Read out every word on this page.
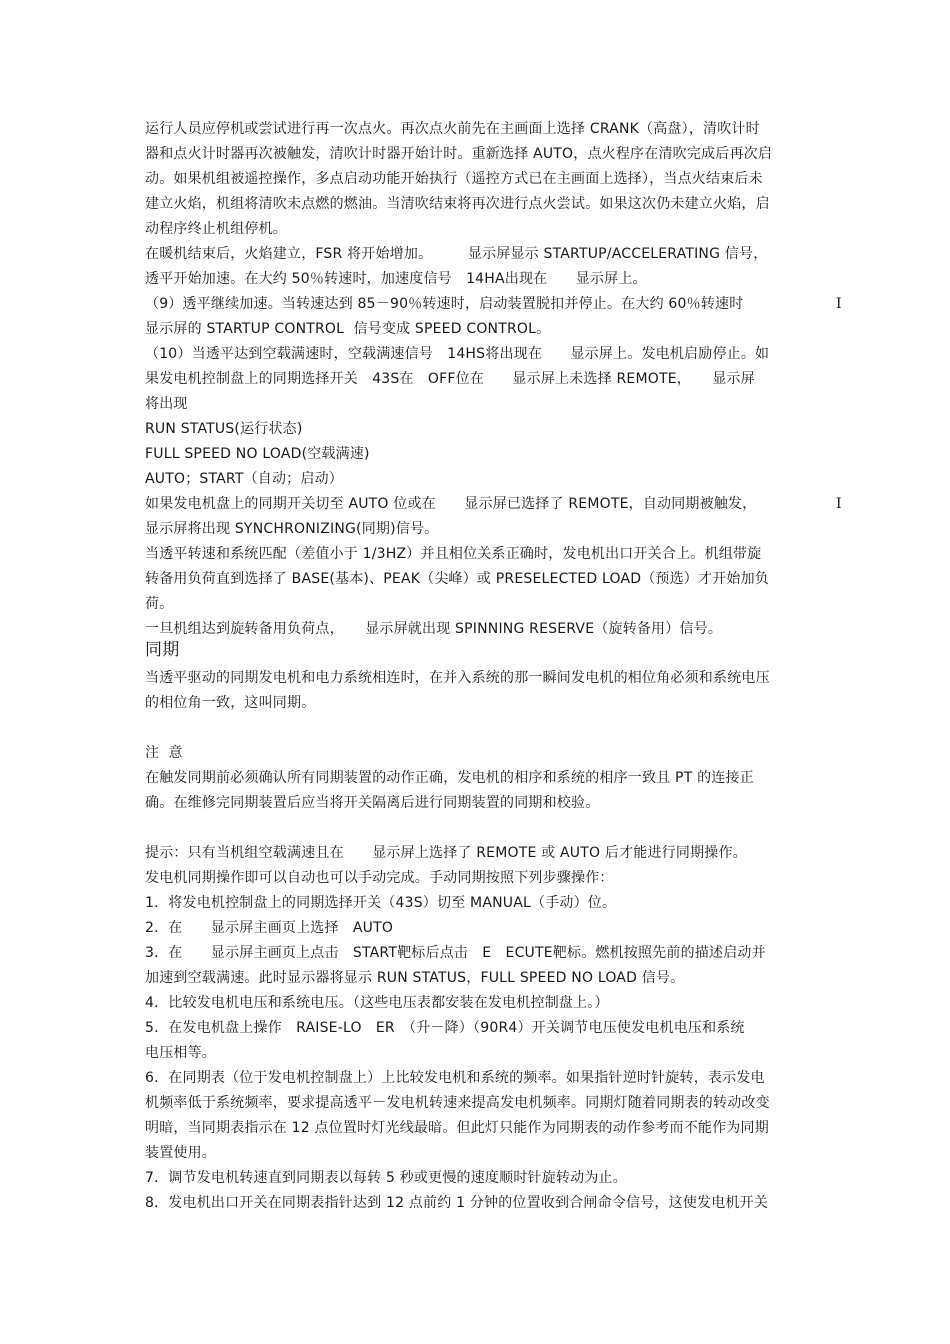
运行人员应停机或尝试进行再一次点火。再次点火前先在主画面上选择 CRANK（高盘），清吹计时
器和点火计时器再次被触发，清吹计时器开始计时。重新选择 AUTO，点火程序在清吹完成后再次启
动。如果机组被遥控操作，多点启动功能开始执行（遥控方式已在主画面上选择），当点火结束后未
建立火焰，机组将清吹未点燃的燃油。当清吹结束将再次进行点火尝试。如果这次仍未建立火焰，启
动程序终止机组停机。
在暖机结束后，火焰建立，FSR 将开始增加。　　　显示屏显示 STARTUP/ACCELERATING 信号，
透平开始加速。在大约 50％转速时，加速度信号　14HA出现在　　显示屏上。
（9）透平继续加速。当转速达到 85－90％转速时，启动装置脱扣并停止。在大约 60％转速时	I
显示屏的 STARTUP CONTROL  信号变成 SPEED CONTROL。
（10）当透平达到空载满速时，空载满速信号　14HS将出现在　　显示屏上。发电机启励停止。如
果发电机控制盘上的同期选择开关　43S在　OFF位在　　显示屏上未选择 REMOTE，　　显示屏
将出现
RUN STATUS(运行状态)
FULL SPEED NO LOAD(空载满速)
AUTO；START（自动；启动）
如果发电机盘上的同期开关切至 AUTO 位或在　　显示屏已选择了 REMOTE，自动同期被触发，	I
显示屏将出现 SYNCHRONIZING(同期)信号。
当透平转速和系统匹配（差值小于 1/3HZ）并且相位关系正确时，发电机出口开关合上。机组带旋
转备用负荷直到选择了 BASE(基本)、PEAK（尖峰）或 PRESELECTED LOAD（预选）才开始加负
荷。
一旦机组达到旋转备用负荷点，　　显示屏就出现 SPINNING RESERVE（旋转备用）信号。
同期
当透平驱动的同期发电机和电力系统相连时，在并入系统的那一瞬间发电机的相位角必须和系统电压
的相位角一致，这叫同期。
注  意
在触发同期前必须确认所有同期装置的动作正确，发电机的相序和系统的相序一致且 PT 的连接正
确。在维修完同期装置后应当将开关隔离后进行同期装置的同期和校验。
提示：只有当机组空载满速且在　　显示屏上选择了 REMOTE 或 AUTO 后才能进行同期操作。
发电机同期操作即可以自动也可以手动完成。手动同期按照下列步骤操作：
1．将发电机控制盘上的同期选择开关（43S）切至 MANUAL（手动）位。
2．在　　显示屏主画页上选择　AUTO
3．在　　显示屏主画页上点击　START靶标后点击　E　ECUTE靶标。燃机按照先前的描述启动并
加速到空载满速。此时显示器将显示 RUN STATUS，FULL SPEED NO LOAD 信号。
4．比较发电机电压和系统电压。（这些电压表都安装在发电机控制盘上。）
5．在发电机盘上操作　RAISE-LO　ER　（升－降）（90R4）开关调节电压使发电机电压和系统
电压相等。
6．在同期表（位于发电机控制盘上）上比较发电机和系统的频率。如果指针逆时针旋转，表示发电
机频率低于系统频率，要求提高透平－发电机转速来提高发电机频率。同期灯随着同期表的转动改变
明暗，当同期表指示在 12 点位置时灯光线最暗。但此灯只能作为同期表的动作参考而不能作为同期
装置使用。
7．调节发电机转速直到同期表以每转 5 秒或更慢的速度顺时针旋转动为止。
8．发电机出口开关在同期表指针达到 12 点前约 1 分钟的位置收到合闸命令信号，这使发电机开关
